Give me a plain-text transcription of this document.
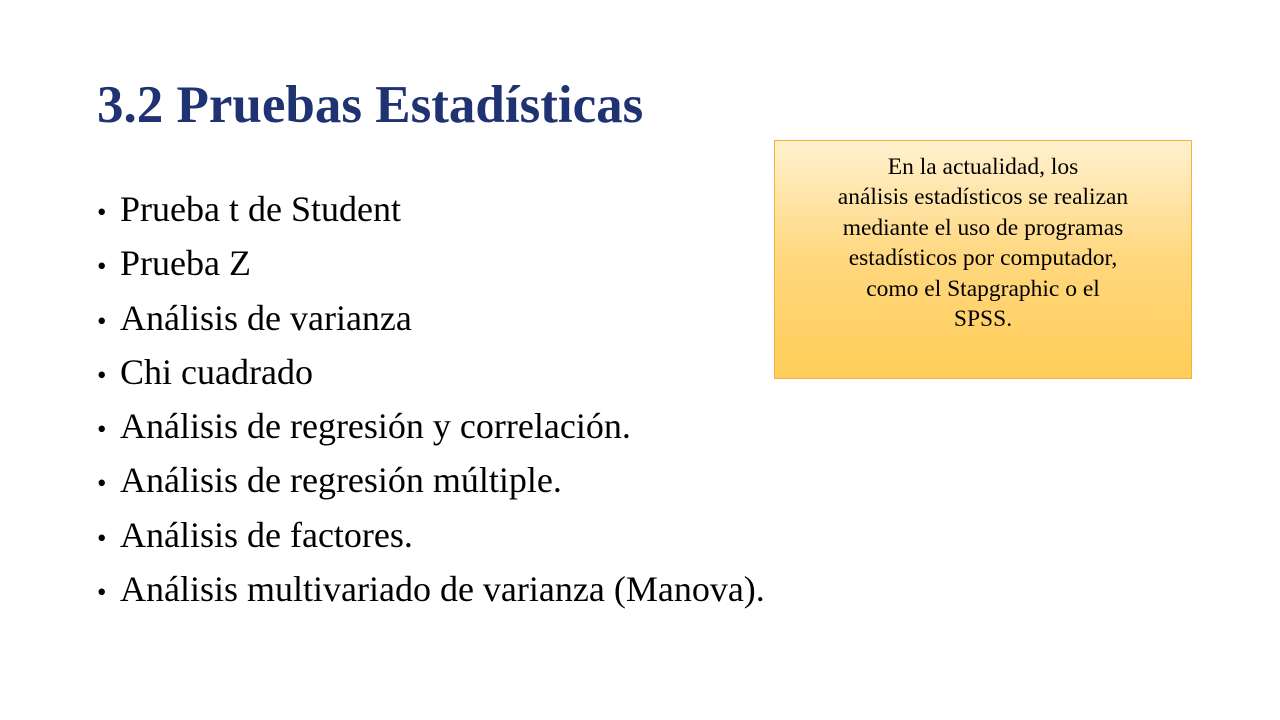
3.2 Pruebas Estadísticas
• Prueba t de Student
• Prueba Z
• Análisis de varianza
• Chi cuadrado
• Análisis de regresión y correlación.
• Análisis de regresión múltiple.
• Análisis de factores.
• Análisis multivariado de varianza (Manova).
En la actualidad, los
análisis estadísticos se realizan
mediante el uso de programas
estadísticos por computador,
como el Stapgraphic o el
SPSS.
